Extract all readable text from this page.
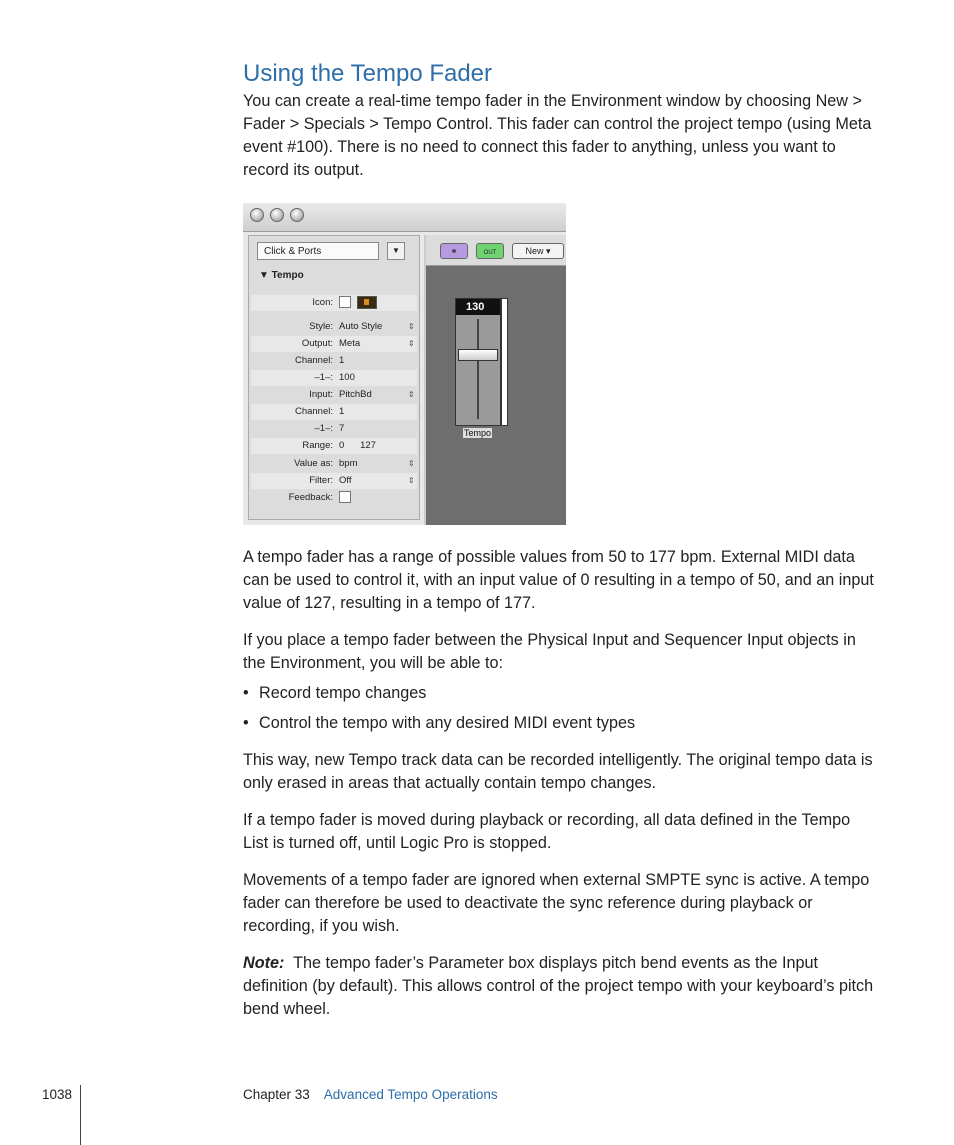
Using the Tempo Fader

You can create a real-time tempo fader in the Environment window by choosing New > Fader > Specials > Tempo Control. This fader can control the project tempo (using Meta event #100). There is no need to connect this fader to anything, unless you want to record its output.

Click & Ports	▼
▼ Tempo
Icon:
Style: Auto Style	⇕
Output: Meta	⇕
Channel: 1
–1–: 100
Input: PitchBd	⇕
Channel: 1
–1–: 7
Range: 0      127
Value as: bpm	⇕
Filter: Off	⇕
Feedback:
⚭	OUT	New ▾
130
Tempo

A tempo fader has a range of possible values from 50 to 177 bpm. External MIDI data can be used to control it, with an input value of 0 resulting in a tempo of 50, and an input value of 127, resulting in a tempo of 177.

If you place a tempo fader between the Physical Input and Sequencer Input objects in the Environment, you will be able to:

• Record tempo changes

• Control the tempo with any desired MIDI event types

This way, new Tempo track data can be recorded intelligently. The original tempo data is only erased in areas that actually contain tempo changes.

If a tempo fader is moved during playback or recording, all data defined in the Tempo List is turned off, until Logic Pro is stopped.

Movements of a tempo fader are ignored when external SMPTE sync is active. A tempo fader can therefore be used to deactivate the sync reference during playback or recording, if you wish.

Note: The tempo fader’s Parameter box displays pitch bend events as the Input definition (by default). This allows control of the project tempo with your keyboard’s pitch bend wheel.

1038	Chapter 33 Advanced Tempo Operations
